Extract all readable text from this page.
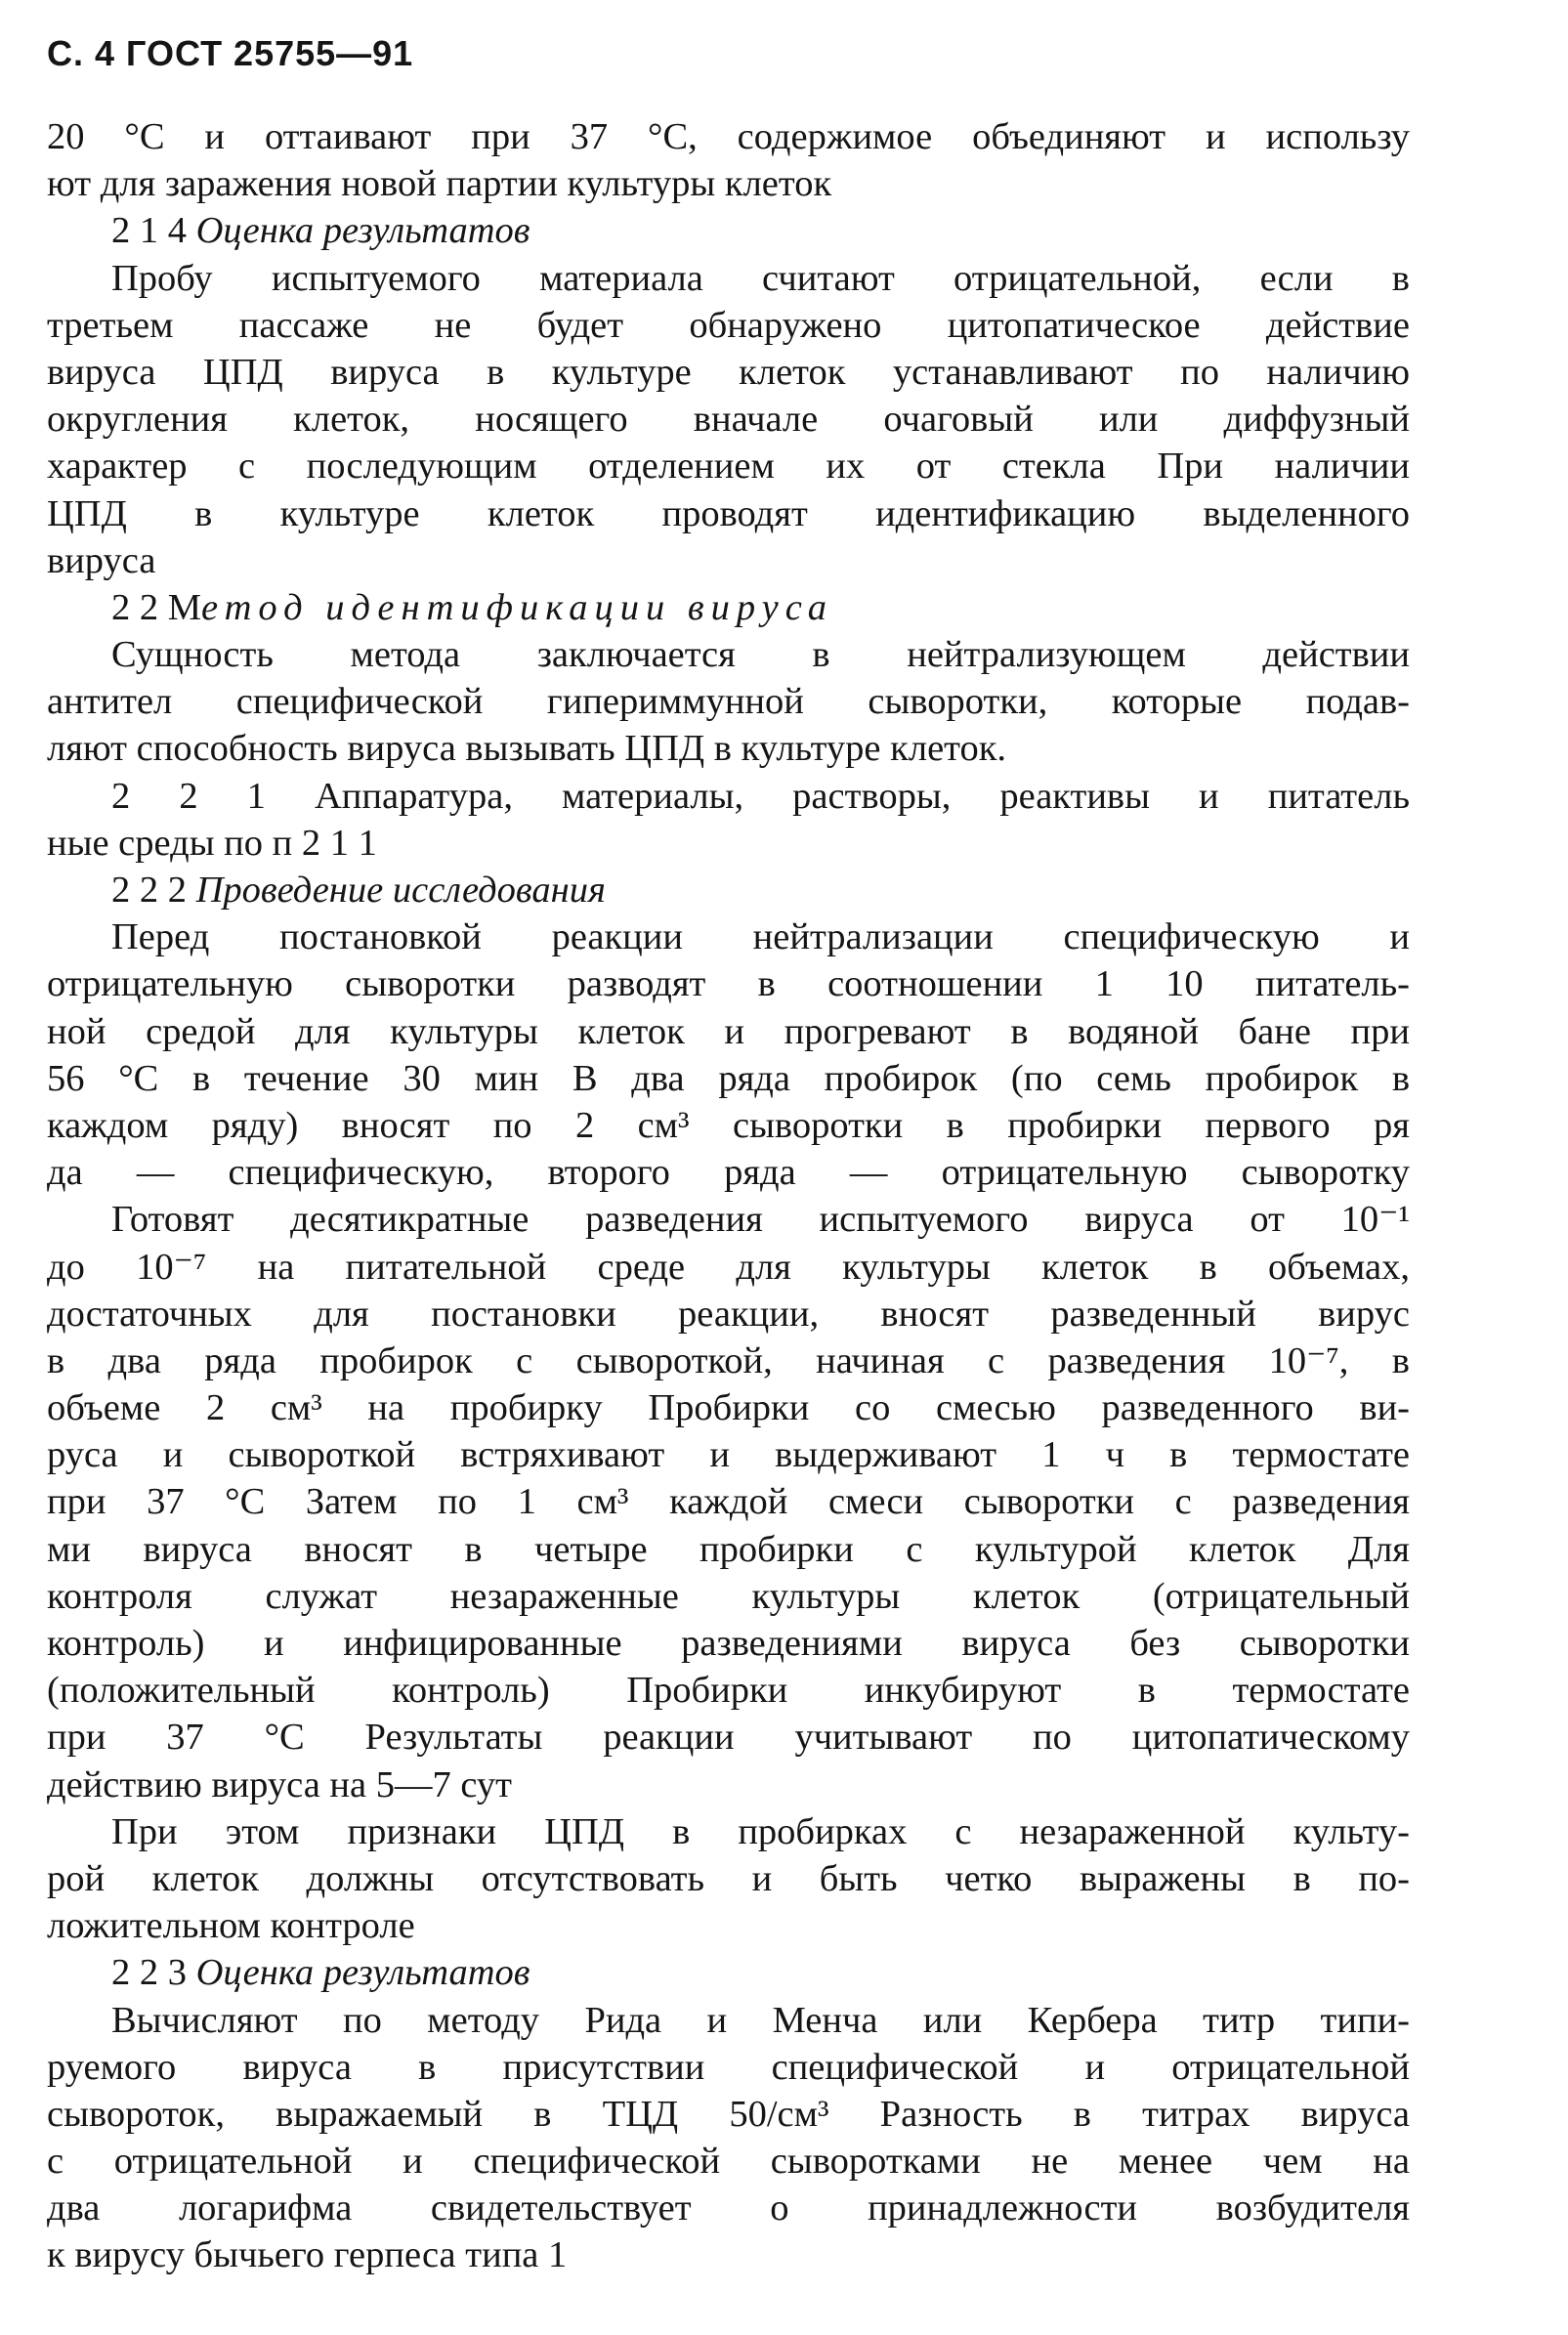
С. 4 ГОСТ 25755—91
20 °С и оттаивают при 37 °С, содержимое объединяют и использу
ют для заражения новой партии культуры клеток
2 1 4 Оценка результатов
Пробу испытуемого материала считают отрицательной, если в
третьем пассаже не будет обнаружено цитопатическое действие
вируса ЦПД вируса в культуре клеток устанавливают по наличию
округления клеток, носящего вначале очаговый или диффузный
характер с последующим отделением их от стекла При наличии
ЦПД в культуре клеток проводят идентификацию выделенного
вируса
2 2 Метод идентификации вируса
Сущность метода заключается в нейтрализующем действии
антител специфической гипериммунной сыворотки, которые подав-
ляют способность вируса вызывать ЦПД в культуре клеток.
2 2 1 Аппаратура, материалы, растворы, реактивы и питатель
ные среды по п 2 1 1
2 2 2 Проведение исследования
Перед постановкой реакции нейтрализации специфическую и
отрицательную сыворотки разводят в соотношении 1 10 питатель-
ной средой для культуры клеток и прогревают в водяной бане при
56 °С в течение 30 мин В два ряда пробирок (по семь пробирок в
каждом ряду) вносят по 2 см³ сыворотки в пробирки первого ря
да — специфическую, второго ряда — отрицательную сыворотку
Готовят десятикратные разведения испытуемого вируса от 10⁻¹
до 10⁻⁷ на питательной среде для культуры клеток в объемах,
достаточных для постановки реакции, вносят разведенный вирус
в два ряда пробирок с сывороткой, начиная с разведения 10⁻⁷, в
объеме 2 см³ на пробирку Пробирки со смесью разведенного ви-
руса и сывороткой встряхивают и выдерживают 1 ч в термостате
при 37 °С Затем по 1 см³ каждой смеси сыворотки с разведения
ми вируса вносят в четыре пробирки с культурой клеток Для
контроля служат незараженные культуры клеток (отрицательный
контроль) и инфицированные разведениями вируса без сыворотки
(положительный контроль) Пробирки инкубируют в термостате
при 37 °С Результаты реакции учитывают по цитопатическому
действию вируса на 5—7 сут
При этом признаки ЦПД в пробирках с незараженной культу-
рой клеток должны отсутствовать и быть четко выражены в по-
ложительном контроле
2 2 3 Оценка результатов
Вычисляют по методу Рида и Менча или Кербера титр типи-
руемого вируса в присутствии специфической и отрицательной
сывороток, выражаемый в ТЦД 50/см³ Разность в титрах вируса
с отрицательной и специфической сыворотками не менее чем на
два логарифма свидетельствует о принадлежности возбудителя
к вирусу бычьего герпеса типа 1
